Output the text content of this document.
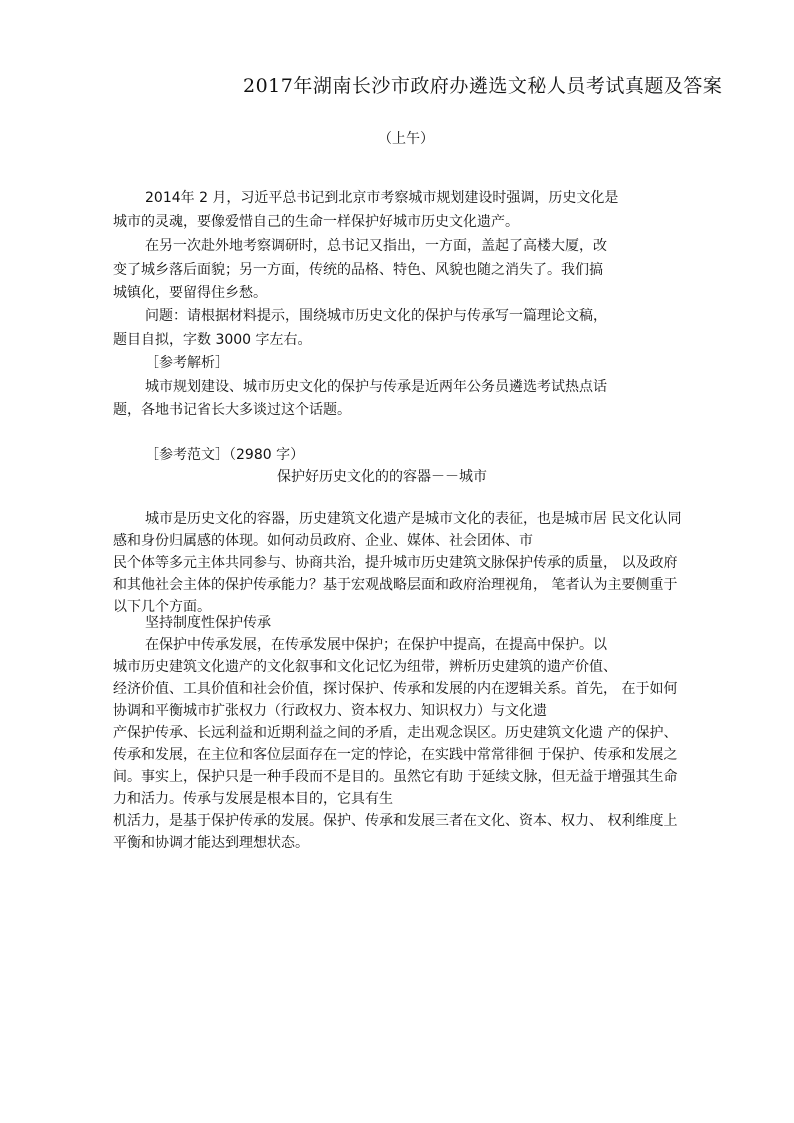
2017年湖南长沙市政府办遴选文秘人员考试真题及答案
（上午）
2014年 2 月，习近平总书记到北京市考察城市规划建设时强调，历史文化是
城市的灵魂，要像爱惜自己的生命一样保护好城市历史文化遗产。
在另一次赴外地考察调研时，总书记又指出，一方面，盖起了高楼大厦，改
变了城乡落后面貌；另一方面，传统的品格、特色、风貌也随之消失了。我们搞
城镇化，要留得住乡愁。
问题：请根据材料提示，围绕城市历史文化的保护与传承写一篇理论文稿，
题目自拟，字数 3000 字左右。
［参考解析］
城市规划建设、城市历史文化的保护与传承是近两年公务员遴选考试热点话
题，各地书记省长大多谈过这个话题。
［参考范文］（2980 字）
保护好历史文化的的容器－－城市
城市是历史文化的容器，历史建筑文化遗产是城市文化的表征，也是城市居 民文化认同
感和身份归属感的体现。如何动员政府、企业、媒体、社会团体、市
民个体等多元主体共同参与、协商共治，提升城市历史建筑文脉保护传承的质量， 以及政府
和其他社会主体的保护传承能力？基于宏观战略层面和政府治理视角， 笔者认为主要侧重于
以下几个方面。
坚持制度性保护传承
在保护中传承发展，在传承发展中保护；在保护中提高，在提高中保护。以
城市历史建筑文化遗产的文化叙事和文化记忆为纽带，辨析历史建筑的遗产价值、
经济价值、工具价值和社会价值，探讨保护、传承和发展的内在逻辑关系。首先， 在于如何
协调和平衡城市扩张权力（行政权力、资本权力、知识权力）与文化遗
产保护传承、长远利益和近期利益之间的矛盾，走出观念误区。历史建筑文化遗 产的保护、
传承和发展，在主位和客位层面存在一定的悖论，在实践中常常徘徊 于保护、传承和发展之
间。事实上，保护只是一种手段而不是目的。虽然它有助 于延续文脉，但无益于增强其生命
力和活力。传承与发展是根本目的，它具有生
机活力，是基于保护传承的发展。保护、传承和发展三者在文化、资本、权力、 权利维度上
平衡和协调才能达到理想状态。
